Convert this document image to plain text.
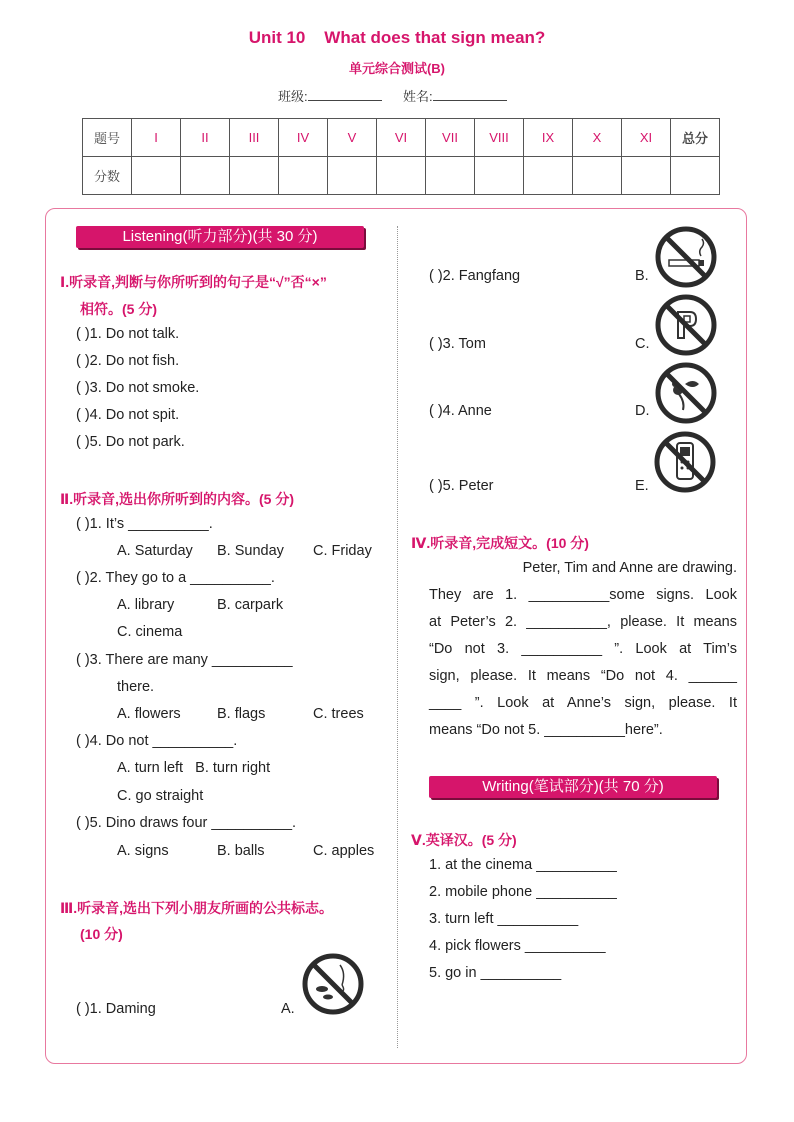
Unit 10    What does that sign mean?
单元综合测试(B)
班级:	姓名:
题号	I	II	III	IV	V	VI	VII	VIII	IX	X	XI	总分
分数												
Listening(听力部分)(共 30 分)
Ⅰ.听录音,判断与你所听到的句子是“√”否“×”
相符。(5 分)
( )1. Do not talk.
( )2. Do not fish.
( )3. Do not smoke.
( )4. Do not spit.
( )5. Do not park.
Ⅱ.听录音,选出你所听到的内容。(5 分)
( )1. It’s __________.
A. Saturday B. Sunday C. Friday
( )2. They go to a __________.
A. library	B. carpark
C. cinema
( )3. There are many __________
there.
A. flowers	B. flags	C. trees
( )4. Do not __________.
A. turn left   B. turn right
C. go straight
( )5. Dino draws four __________.
A. signs	B. balls	C. apples
Ⅲ.听录音,选出下列小朋友所画的公共标志。
(10 分)
( )1. Daming	A.
( )2. Fangfang	B.
( )3. Tom	C.
( )4. Anne	D.
( )5. Peter	E.
Ⅳ.听录音,完成短文。(10 分)
Peter, Tim and Anne are drawing.
They are 1. __________some signs. Look
at Peter’s 2. __________, please. It means
“Do not 3. __________ ”. Look at Tim’s
sign, please. It means “Do not 4. ______
____ ”. Look at Anne’s sign, please. It
means “Do not 5. __________here”.
Writing(笔试部分)(共 70 分)
Ⅴ.英译汉。(5 分)
1. at the cinema __________
2. mobile phone __________
3. turn left __________
4. pick flowers __________
5. go in __________
